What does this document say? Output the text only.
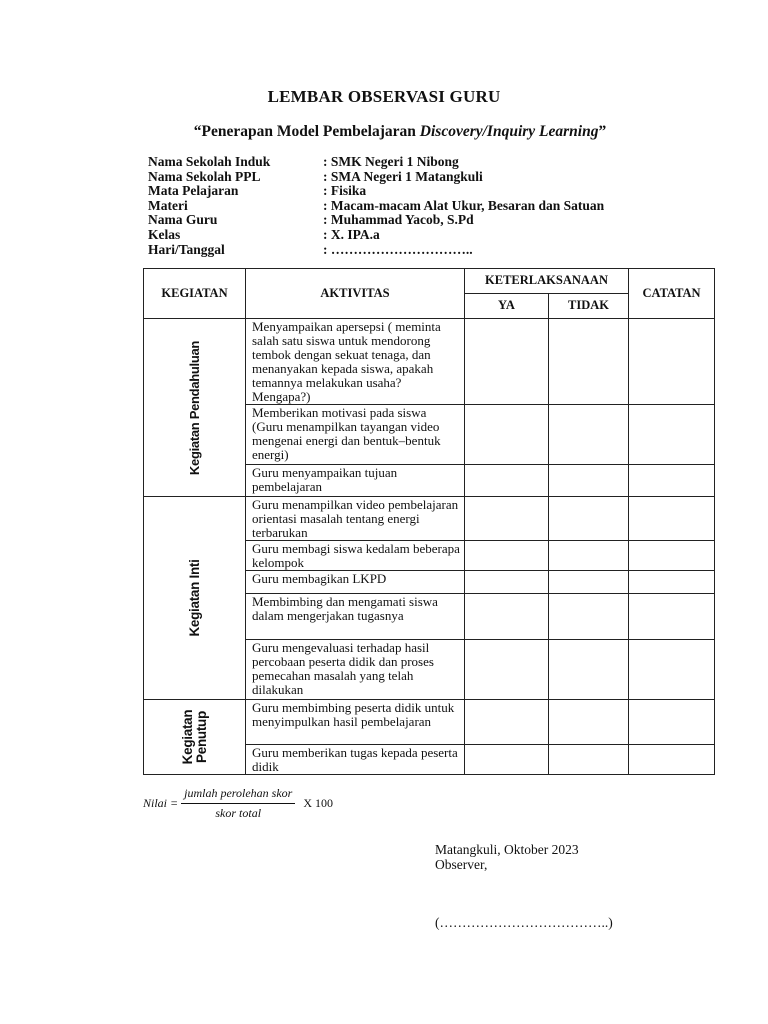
LEMBAR OBSERVASI GURU
“Penerapan Model Pembelajaran Discovery/Inquiry Learning”
Nama Sekolah Induk	: SMK Negeri 1 Nibong
Nama Sekolah PPL	: SMA Negeri 1 Matangkuli
Mata Pelajaran	: Fisika
Materi	: Macam-macam Alat Ukur, Besaran dan Satuan
Nama Guru	: Muhammad Yacob, S.Pd
Kelas	: X. IPA.a
Hari/Tanggal	: …………………………..
KEGIATAN	AKTIVITAS	KETERLAKSANAAN		CATATAN
		YA	TIDAK	

Kegiatan Pendahuluan	Menyampaikan apersepsi ( meminta salah satu siswa untuk mendorong tembok dengan sekuat tenaga, dan menanyakan kepada siswa, apakah temannya melakukan usaha? Mengapa?)			
	Memberikan motivasi pada siswa (Guru menampilkan tayangan video mengenai energi dan bentuk–bentuk energi)			
	Guru menyampaikan tujuan pembelajaran			

Kegiatan Inti	Guru menampilkan video pembelajaran orientasi masalah tentang energi terbarukan			
	Guru membagi siswa kedalam beberapa kelompok			
	Guru membagikan LKPD			
	Membimbing dan mengamati siswa dalam mengerjakan tugasnya			
	Guru mengevaluasi terhadap hasil percobaan peserta didik dan proses pemecahan masalah yang telah dilakukan			

Kegiatan
Penutup	Guru membimbing peserta didik untuk menyimpulkan hasil pembelajaran			
	Guru memberikan tugas kepada peserta didik			
Nilai = $\frac{\text{jumlah perolehan skor}}{\text{skor total}}$ X 100
Matangkuli, Oktober 2023
Observer,
(………………………………..)
